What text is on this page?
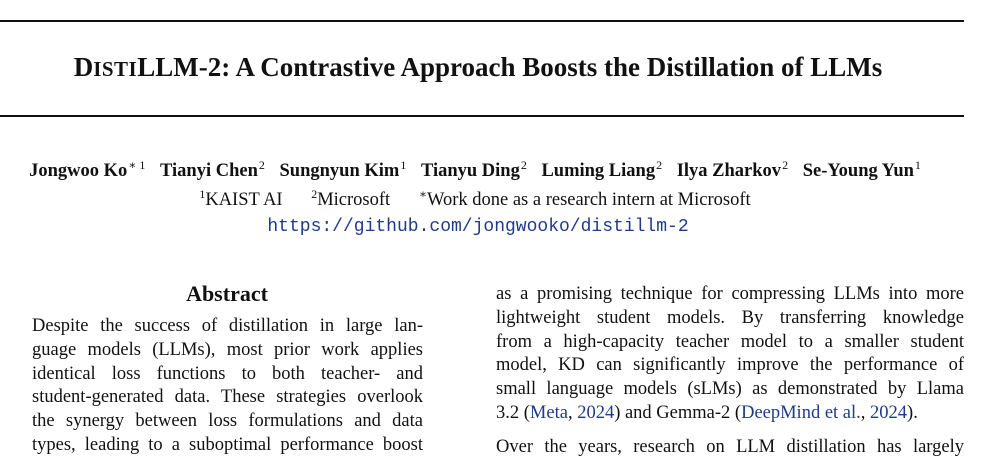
DISTILLM-2: A Contrastive Approach Boosts the Distillation of LLMs
Jongwoo $Ko^{∗ 1}$ Tianyi Chen$^2$ Sungnyun Kim$^1$ Tianyu Ding$^2$ Luming Liang$^2$ Ilya Zharkov$^2$ Se-Young Yun$^1$
$^1$KAIST AI $^2$Microsoft ∗Work done as a research intern at Microsoft
https://github.com/jongwooko/distillm-2
Abstract
Despite the success of distillation in large lan-
guage models (LLMs), most prior work applies
identical loss functions to both teacher- and
student-generated data. These strategies overlook
the synergy between loss formulations and data
types, leading to a suboptimal performance boost
as a promising technique for compressing LLMs into more
lightweight student models. By transferring knowledge
from a high-capacity teacher model to a smaller student
model, KD can significantly improve the performance of
small language models (sLMs) as demonstrated by Llama
3.2 (Meta, 2024) and Gemma-2 (DeepMind et al., 2024).
Over the years, research on LLM distillation has largely
